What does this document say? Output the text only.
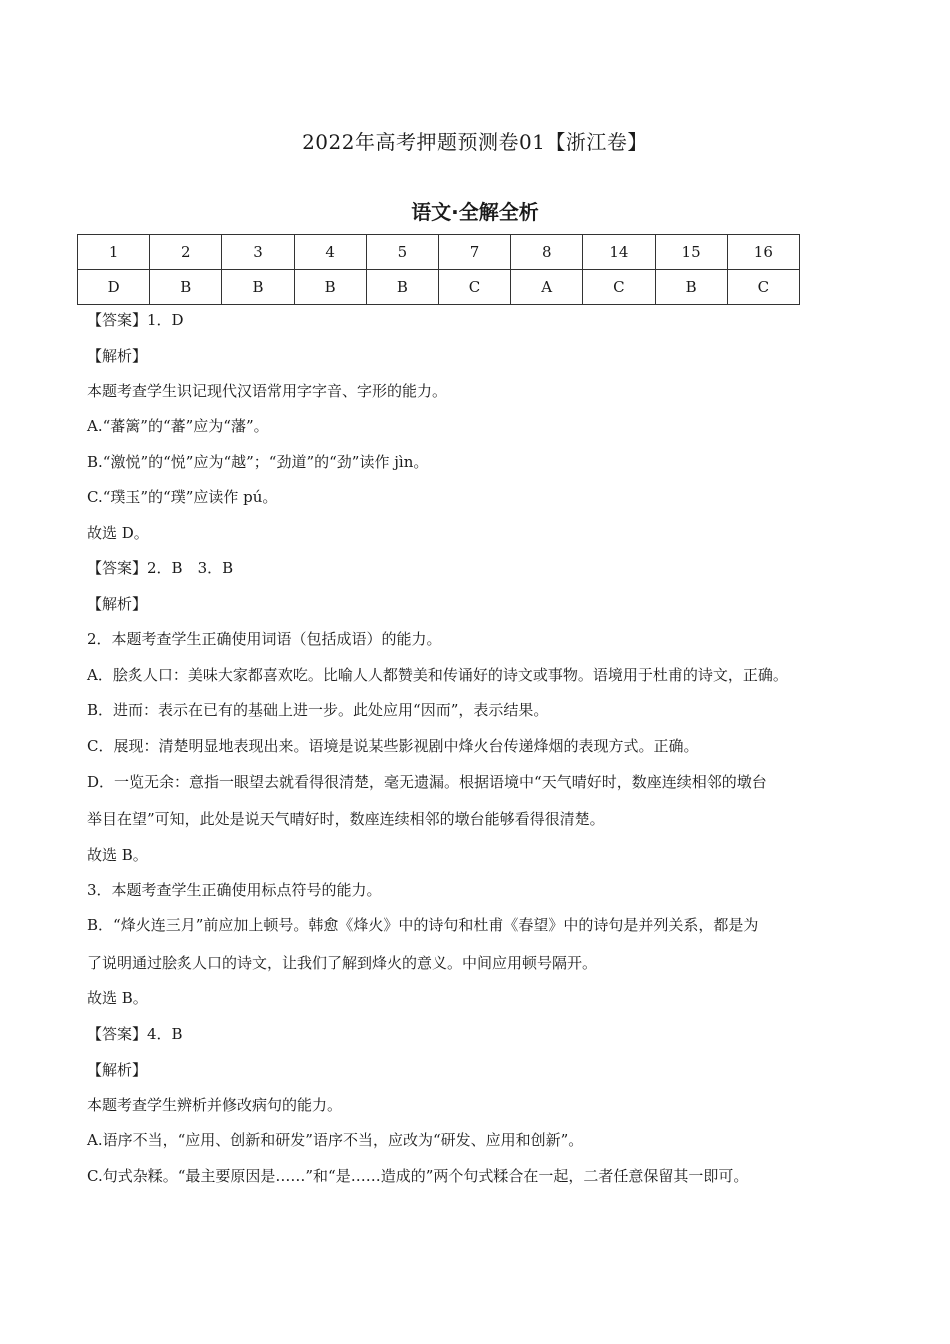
2022年高考押题预测卷01【浙江卷】
语文·全解全析
1	2	3	4	5	7	8	14	15	16
D	B	B	B	B	C	A	C	B	C
【答案】1．D
【解析】
本题考查学生识记现代汉语常用字字音、字形的能力。
A.“蕃篱”的“蕃”应为“藩”。
B.“激悦”的“悦”应为“越”；“劲道”的“劲”读作 jìn。
C.“璞玉”的“璞”应读作 pú。
故选 D。
【答案】2．B　3．B
【解析】
2．本题考查学生正确使用词语（包括成语）的能力。
A．脍炙人口：美味大家都喜欢吃。比喻人人都赞美和传诵好的诗文或事物。语境用于杜甫的诗文，正确。
B．进而：表示在已有的基础上进一步。此处应用“因而”，表示结果。
C．展现：清楚明显地表现出来。语境是说某些影视剧中烽火台传递烽烟的表现方式。正确。
D．一览无余：意指一眼望去就看得很清楚，毫无遗漏。根据语境中“天气晴好时，数座连续相邻的墩台
举目在望”可知，此处是说天气晴好时，数座连续相邻的墩台能够看得很清楚。
故选 B。
3．本题考查学生正确使用标点符号的能力。
B．“烽火连三月”前应加上顿号。韩愈《烽火》中的诗句和杜甫《春望》中的诗句是并列关系，都是为
了说明通过脍炙人口的诗文，让我们了解到烽火的意义。中间应用顿号隔开。
故选 B。
【答案】4．B
【解析】
本题考查学生辨析并修改病句的能力。
A.语序不当，“应用、创新和研发”语序不当，应改为“研发、应用和创新”。
C.句式杂糅。“最主要原因是……”和“是……造成的”两个句式糅合在一起，二者任意保留其一即可。
